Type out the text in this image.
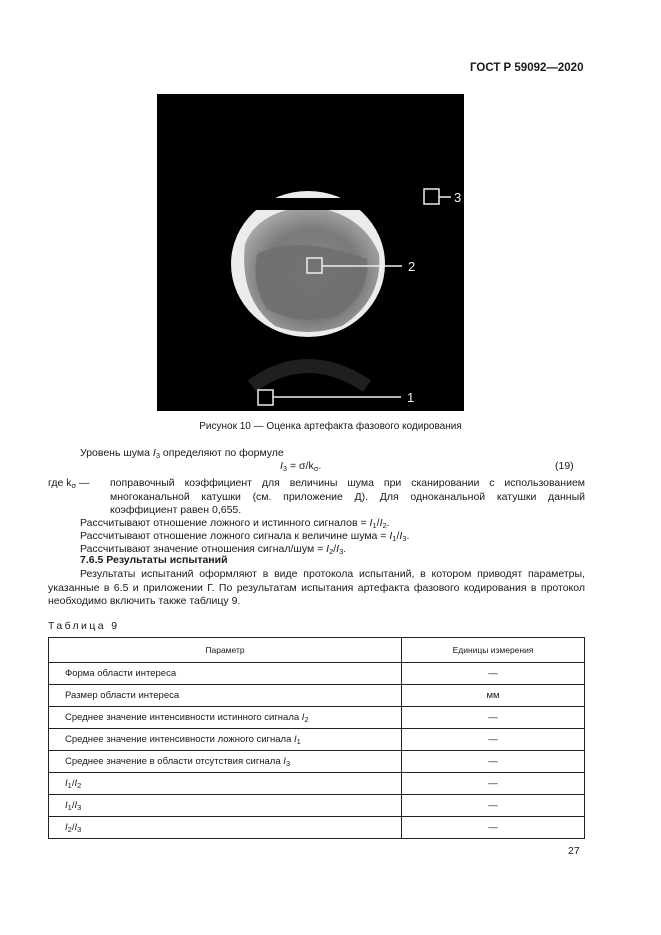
ГОСТ Р 59092—2020
1
2
3
Рисунок 10 — Оценка артефакта фазового кодирования
Уровень шума $I_3$ определяют по формуле
$I_3 = \sigma/k_\sigma$.	(19)
где $k_\sigma$ — поправочный коэффициент для величины шума при сканировании с использованием многоканальной катушки (см. приложение Д). Для одноканальной катушки данный коэффициент равен 0,655.
Рассчитывают отношение ложного и истинного сигналов = $I_1/I_2$.
Рассчитывают отношение ложного сигнала к величине шума = $I_1/I_3$.
Рассчитывают значение отношения сигнал/шум = $I_2/I_3$.
7.6.5 Результаты испытаний
Результаты испытаний оформляют в виде протокола испытаний, в котором приводят параметры, указанные в 6.5 и приложении Г. По результатам испытания артефакта фазового кодирования в протокол необходимо включить также таблицу 9.
Таблица 9
Параметр	Единицы измерения
Форма области интереса	—
Размер области интереса	мм
Среднее значение интенсивности истинного сигнала $I_2$	—
Среднее значение интенсивности ложного сигнала $I_1$	—
Среднее значение в области отсутствия сигнала $I_3$	—
$I_1/I_2$	—
$I_1/I_3$	—
$I_2/I_3$	—
27
